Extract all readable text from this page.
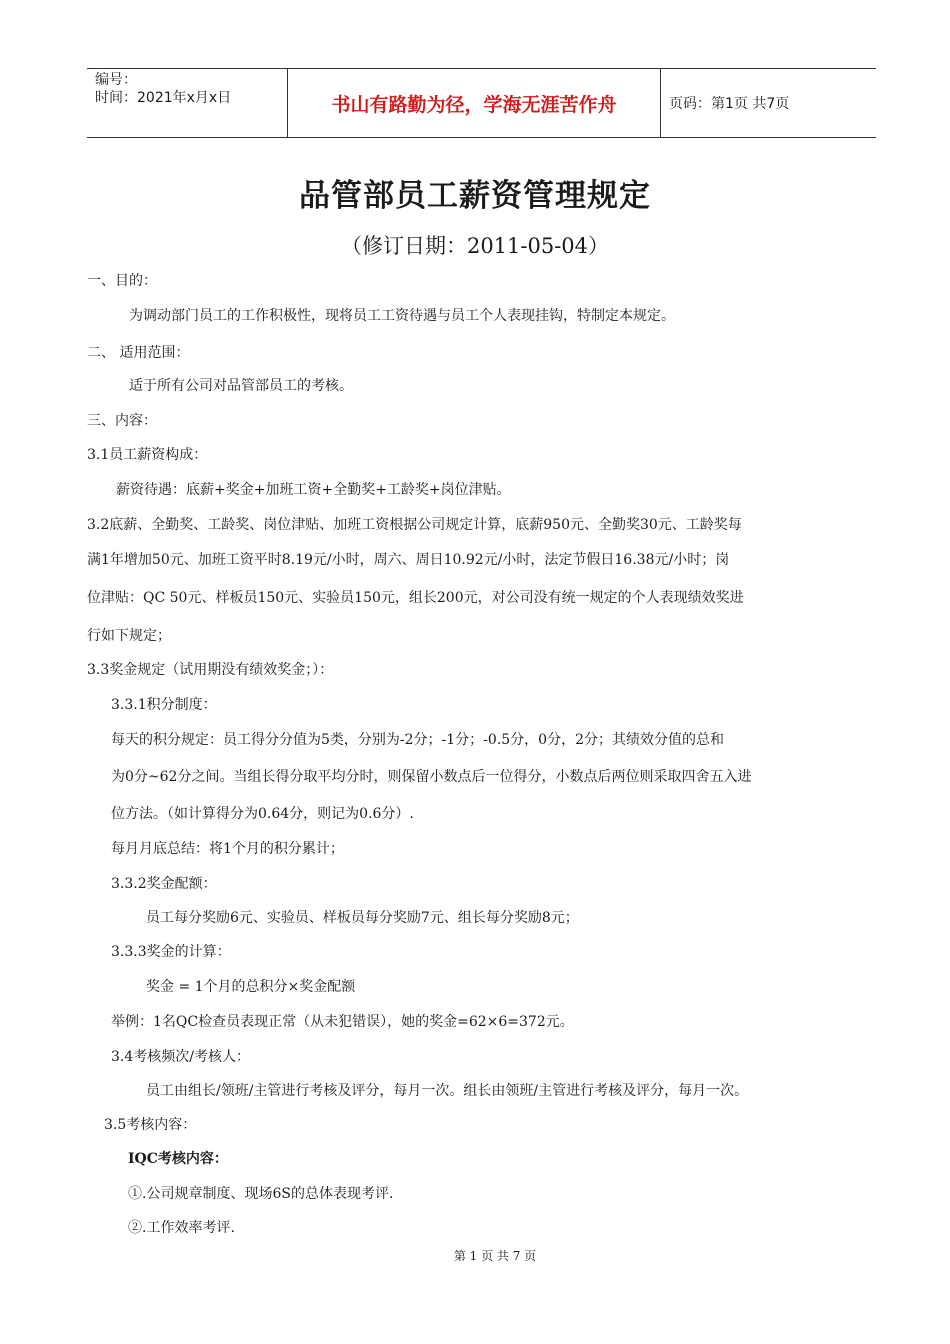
编号：
时间：2021年x月x日	书山有路勤为径，学海无涯苦作舟	页码：第1页 共7页
品管部员工薪资管理规定
（修订日期：2011-05-04）
一、目的：
为调动部门员工的工作积极性，现将员工工资待遇与员工个人表现挂钩，特制定本规定。
二、 适用范围：
适于所有公司对品管部员工的考核。
三、内容：
3.1员工薪资构成：
薪资待遇：底薪+奖金+加班工资+全勤奖+工龄奖+岗位津贴。
3.2底薪、全勤奖、工龄奖、岗位津贴、加班工资根据公司规定计算，底薪950元、全勤奖30元、工龄奖每
满1年增加50元、加班工资平时8.19元/小时，周六、周日10.92元/小时，法定节假日16.38元/小时；岗
位津贴：QC 50元、样板员150元、实验员150元，组长200元，对公司没有统一规定的个人表现绩效奖进
行如下规定；
3.3奖金规定（试用期没有绩效奖金；）：
3.3.1积分制度：
每天的积分规定：员工得分分值为5类，分别为-2分；-1分；-0.5分，0分，2分；其绩效分值的总和
为0分~62分之间。当组长得分取平均分时，则保留小数点后一位得分，小数点后两位则采取四舍五入进
位方法。（如计算得分为0.64分，则记为0.6分）.
每月月底总结：将1个月的积分累计；
3.3.2奖金配额：
员工每分奖励6元、实验员、样板员每分奖励7元、组长每分奖励8元；
3.3.3奖金的计算：
奖金 = 1个月的总积分×奖金配额
举例：1名QC检查员表现正常（从未犯错误），她的奖金=62×6=372元。
3.4考核频次/考核人：
员工由组长/领班/主管进行考核及评分，每月一次。组长由领班/主管进行考核及评分，每月一次。
3.5考核内容：
IQC考核内容：
①.公司规章制度、现场6S的总体表现考评.
②.工作效率考评.
第 1 页 共 7 页
